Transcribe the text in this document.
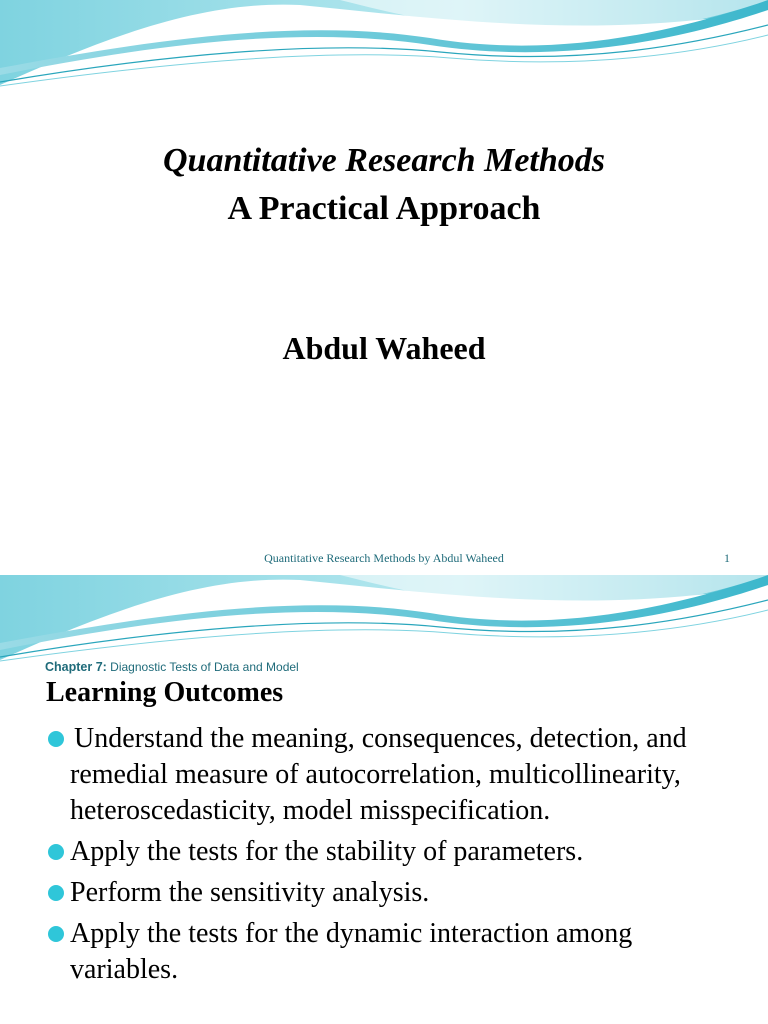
Quantitative Research Methods
A Practical Approach
Abdul Waheed
Quantitative Research Methods by Abdul Waheed	1
Chapter 7: Diagnostic Tests of Data and Model
Learning Outcomes
Understand the meaning, consequences, detection, and remedial measure of autocorrelation, multicollinearity, heteroscedasticity, model misspecification.
Apply the tests for the stability of parameters.
Perform the sensitivity analysis.
Apply the tests for the dynamic interaction among variables.
